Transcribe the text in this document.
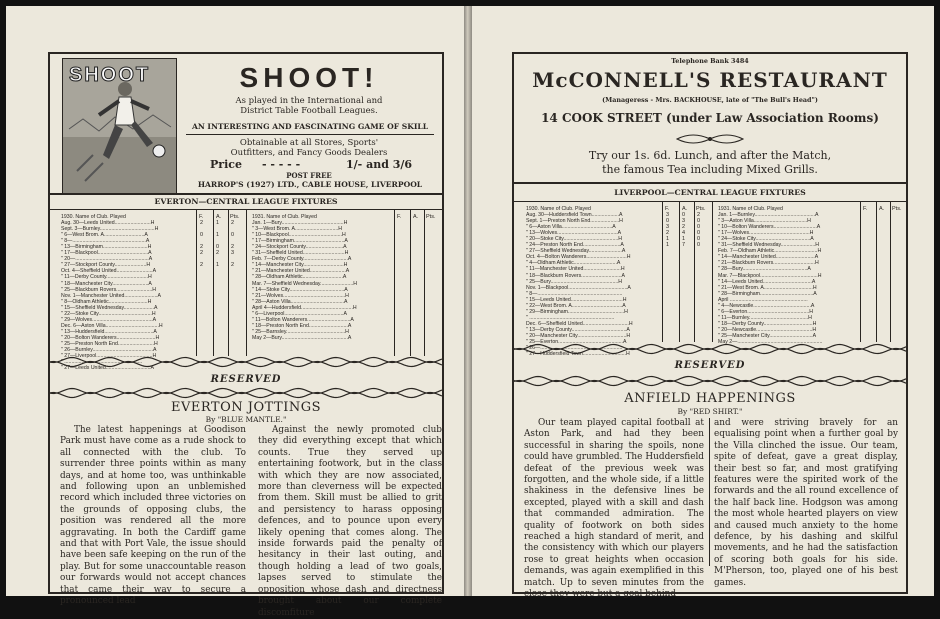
SHOOT	SHOOT!
As played in the International and
District Table Football Leagues.
AN INTERESTING AND FASCINATING GAME OF SKILL
Obtainable at all Stores, Sports'
Outfitters, and Fancy Goods Dealers
Price - - - - -	1/- and 3/6
POST FREE
HARROP'S (1927) LTD., CABLE HOUSE, LIVERPOOL
EVERTON—CENTRAL LEAGUE FIXTURES
1930. Name of Club. Played
Aug. 30—Leeds United.........................H
Sept. 3—Burnley......................................H
" 6—West Brom. A............................A
" 8—...................................................A
" 13—Birmingham...............................H
" 17—Blackpool...................................A
" 20—...................................................A
" 27—Stockport County......................H
Oct. 4—Sheffield United.........................A
" 11—Derby County.............................H
" 18—Manchester City.........................A
" 25—Blackburn Rovers.........................H
Nov. 1—Manchester United.......................A
" 8—Oldham Athletic...........................H
" 15—Sheffield Wednesday.....................A
" 22—Stoke City.....................................H
" 29—Wolves..........................................A
Dec. 6—Aston Villa.....................................H
" 13—Huddersfield..................................A
" 20—Bolton Wanderers...........................H
" 25—Preston North End.........................H
" 26—Burnley..........................................A
" 27—Liverpool.......................................H
" ......................................................
" 27—Leeds United...............................A
F. A. Pts. 1931. Name of Club. Played
Jan. 1—Bury...........................................H
" 3—West Brom. A..............................H
" 10—Blackpool.....................................H
" 17—Birmingham...................................A
" 24—Stockport County..........................A
" 31—Sheffield United.............................H
Feb. 7—Derby County...............................A
" 14—Manchester City............................H
" 21—Manchester United.........................A
" 28—Oldham Athletic............................A
Mar. 7—Sheffield Wednesday.......................H
" 14—Stoke City......................................A
" 21—Wolves...........................................H
" 28—Aston Villa.....................................A
April 4—Huddersfield....................................H
" 6—Liverpool.........................................A
" 11—Bolton Wanderers..............................A
" 18—Preston North End...........................A
" 25—Barnsley.........................................H
May 2—Bury..............................................A
F. A. Pts.
RESERVED
EVERTON JOTTINGS
By "BLUE MANTLE."
The latest happenings at Goodison Park must have come as a rude shock to all connected with the club. To surrender three points within as many days, and at home too, was unthinkable and following upon an unblemished record which included three victories on the grounds of opposing clubs, the position was rendered all the more aggravating. In both the Cardiff game and that with Port Vale, the issue should have been safe keeping on the run of the play. But for some unaccountable reason our forwards would not accept chances that came their way to secure a pronounced lead
Against the newly promoted club they did everything except that which counts. True they served up entertaining footwork, but in the class with which they are now associated, more than cleverness will be expected from them. Skill must be allied to grit and persistency to harass opposing defences, and to pounce upon every likely opening that comes along. The inside forwards paid the penalty of hesitancy in their last outing, and though holding a lead of two goals, lapses served to stimulate the opposition whose dash and directness brought about our complete discomfiture
2 1 2
0 1 0
2 0 2
2 2 3
2 1 2
Telephone Bank 3484
McCONNELL'S RESTAURANT
(Manageress - Mrs. BACKHOUSE, late of "The Bull's Head")
14 COOK STREET (under Law Association Rooms)
Try our 1s. 6d. Lunch, and after the Match,
the famous Tea including Mixed Grills.
LIVERPOOL—CENTRAL LEAGUE FIXTURES
1930. Name of Club. Played
Aug. 30—Huddersfield Town...................A
Sept. 1—Preston North End....................H
" 6—Aston Villa...................................A
" 13—Wolves..........................................A
" 20—Stoke City......................................H
" 24—Preston North End..........................A
" 27—Sheffield Wednesday.......................A
Oct. 4—Bolton Wanderers............................H
" 4—Oldham Athletic..............................A
" 11—Manchester United..........................H
" 18—Blackburn Rovers............................A
" 25—Bury...............................................H
Nov. 1—Blackpool.........................................A
" 8—...........................................................
" 15—Leeds United....................................H
" 22—West Brom. A...................................A
" 29—Birmingham.......................................H
" ...........................................................
Dec. 6—Sheffield United................................H
" 13—Derby County......................................A
" 20—Manchester City..................................H
" 25—Everton.............................................A
" 26—.........................................................
" 27—Huddersfield Town..............................H
F. A. Pts. 1931. Name of Club. Played
Jan. 1—Burnley..........................................A
" 3—Aston Villa.....................................H
" 10—Bolton Wanderers..............................A
" 17—Wolves..........................................H
" 24—Stoke City......................................A
" 31—Sheffield Wednesday........................H
Feb. 7—Oldham Athletic..............................H
" 14—Manchester United...........................A
" 21—Blackburn Rovers.............................H
" 28—Bury.............................................A
Mar. 7—Blackpool........................................H
" 14—Leeds United..................................A
" 21—West Brom. A..................................H
" 28—Birmingham.....................................A
April ......................................................
" 4—Newcastle........................................A
" 6—Everton...........................................H
" 11—Burnley.........................................H
" 18—Derby County..................................H
" 20—Newcastle.......................................H
" 25—Manchester City..............................A
May 2—...........................................................
F. A. Pts.
RESERVED
ANFIELD HAPPENINGS
By "RED SHIRT."
Our team played capital football at Aston Park, and had they been successful in sharing the spoils, none could have grumbled. The Huddersfield defeat of the previous week was forgotten, and the whole side, if a little shakiness in the defensive lines be excepted, played with a skill and dash that commanded admiration. The quality of footwork on both sides reached a high standard of merit, and the consistency with which our players rose to great heights when occasion demands, was again exemplified in this match. Up to seven minutes from the close they were but a goal behind
and were striving bravely for an equalising point when a further goal by the Villa clinched the issue. Our team, spite of defeat, gave a great display, their best so far, and most gratifying features were the spirited work of the forwards and the all round excellence of the half back line. Hodgson was among the most whole hearted players on view and caused much anxiety to the home defence, by his dashing and skilful movements, and he had the satisfaction of scoring both goals for his side. M'Pherson, too, played one of his best games.
3 0 2
0 3 0
3 2 0
2 4 0
1 1 0
1 7 0
